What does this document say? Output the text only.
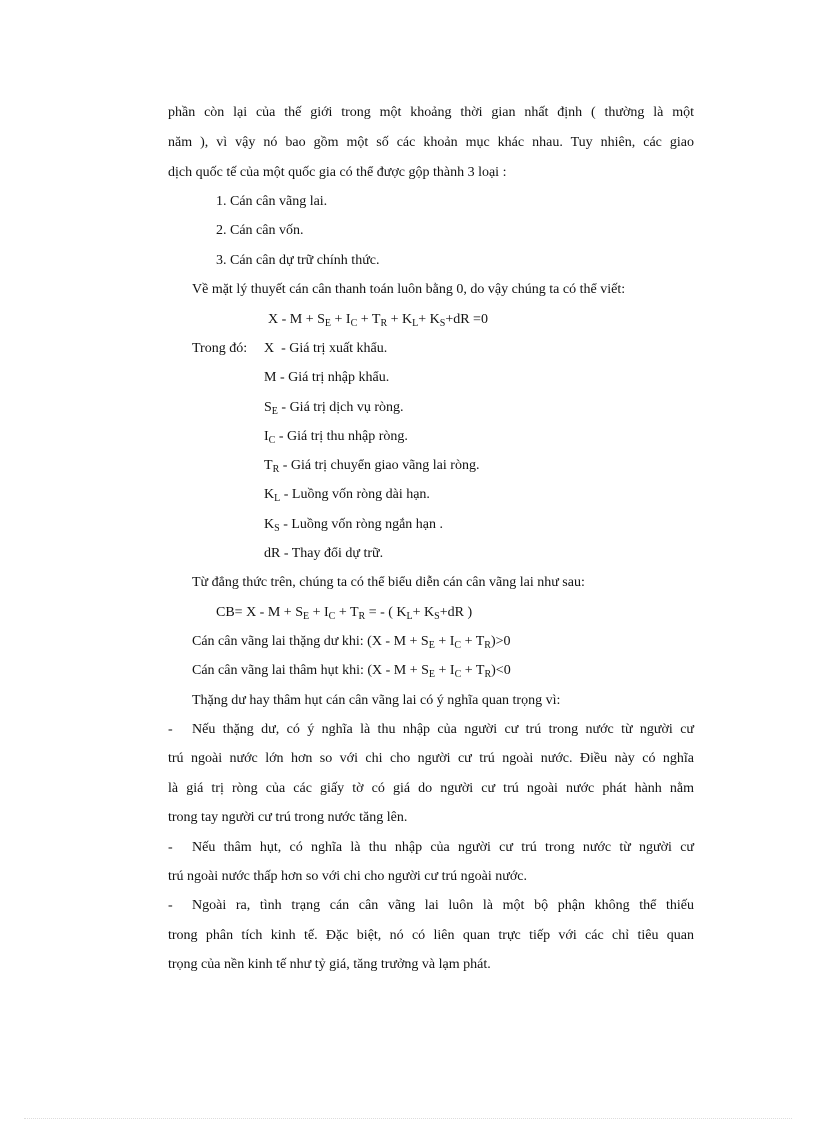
phần còn lại của thế giới trong một khoảng thời gian nhất định ( thường là một
năm ), vì vậy nó bao gồm một số các khoản mục khác nhau. Tuy nhiên, các giao
dịch quốc tế của một quốc gia có thể được gộp thành 3 loại :
1. Cán cân vãng lai.
2. Cán cân vốn.
3. Cán cân dự trữ chính thức.
Về mặt lý thuyết cán cân thanh toán luôn bằng 0, do vậy chúng ta có thể viết:
$X - M + S_E + I_C + T_R + K_L+ K_S+dR =0$
Trong đó: X  - Giá trị xuất khẩu.
M - Giá trị nhập khẩu.
$S_E$ - Giá trị dịch vụ ròng.
$I_C$ - Giá trị thu nhập ròng.
$T_R$ - Giá trị chuyển giao vãng lai ròng.
$K_L$ - Luồng vốn ròng dài hạn.
$K_S$ - Luồng vốn ròng ngắn hạn .
dR - Thay đổi dự trữ.
Từ đẳng thức trên, chúng ta có thể biểu diễn cán cân vãng lai như sau:
$CB= X - M + S_E + I_C + T_R$ = - ( $K_L+ K_S+dR$ )
Cán cân vãng lai thặng dư khi: $(X - M + S_E + I_C + T_R)>0$
Cán cân vãng lai thâm hụt khi: $(X - M + S_E + I_C + T_R)<0$
Thặng dư hay thâm hụt cán cân vãng lai có ý nghĩa quan trọng vì:
- Nếu thặng dư, có ý nghĩa là thu nhập của người cư trú trong nước từ người cư
trú ngoài nước lớn hơn so với chi cho người cư trú ngoài nước. Điều này có nghĩa
là giá trị ròng của các giấy tờ có giá do người cư trú ngoài nước phát hành nằm
trong tay người cư trú trong nước tăng lên.
- Nếu thâm hụt, có nghĩa là thu nhập của người cư trú trong nước từ người cư
trú ngoài nước thấp hơn so với chi cho người cư trú ngoài nước.
- Ngoài ra, tình trạng cán cân vãng lai luôn là một bộ phận không thể thiếu
trong phân tích kinh tế. Đặc biệt, nó có liên quan trực tiếp với các chỉ tiêu quan
trọng của nền kinh tế như tỷ giá, tăng trưởng và lạm phát.
